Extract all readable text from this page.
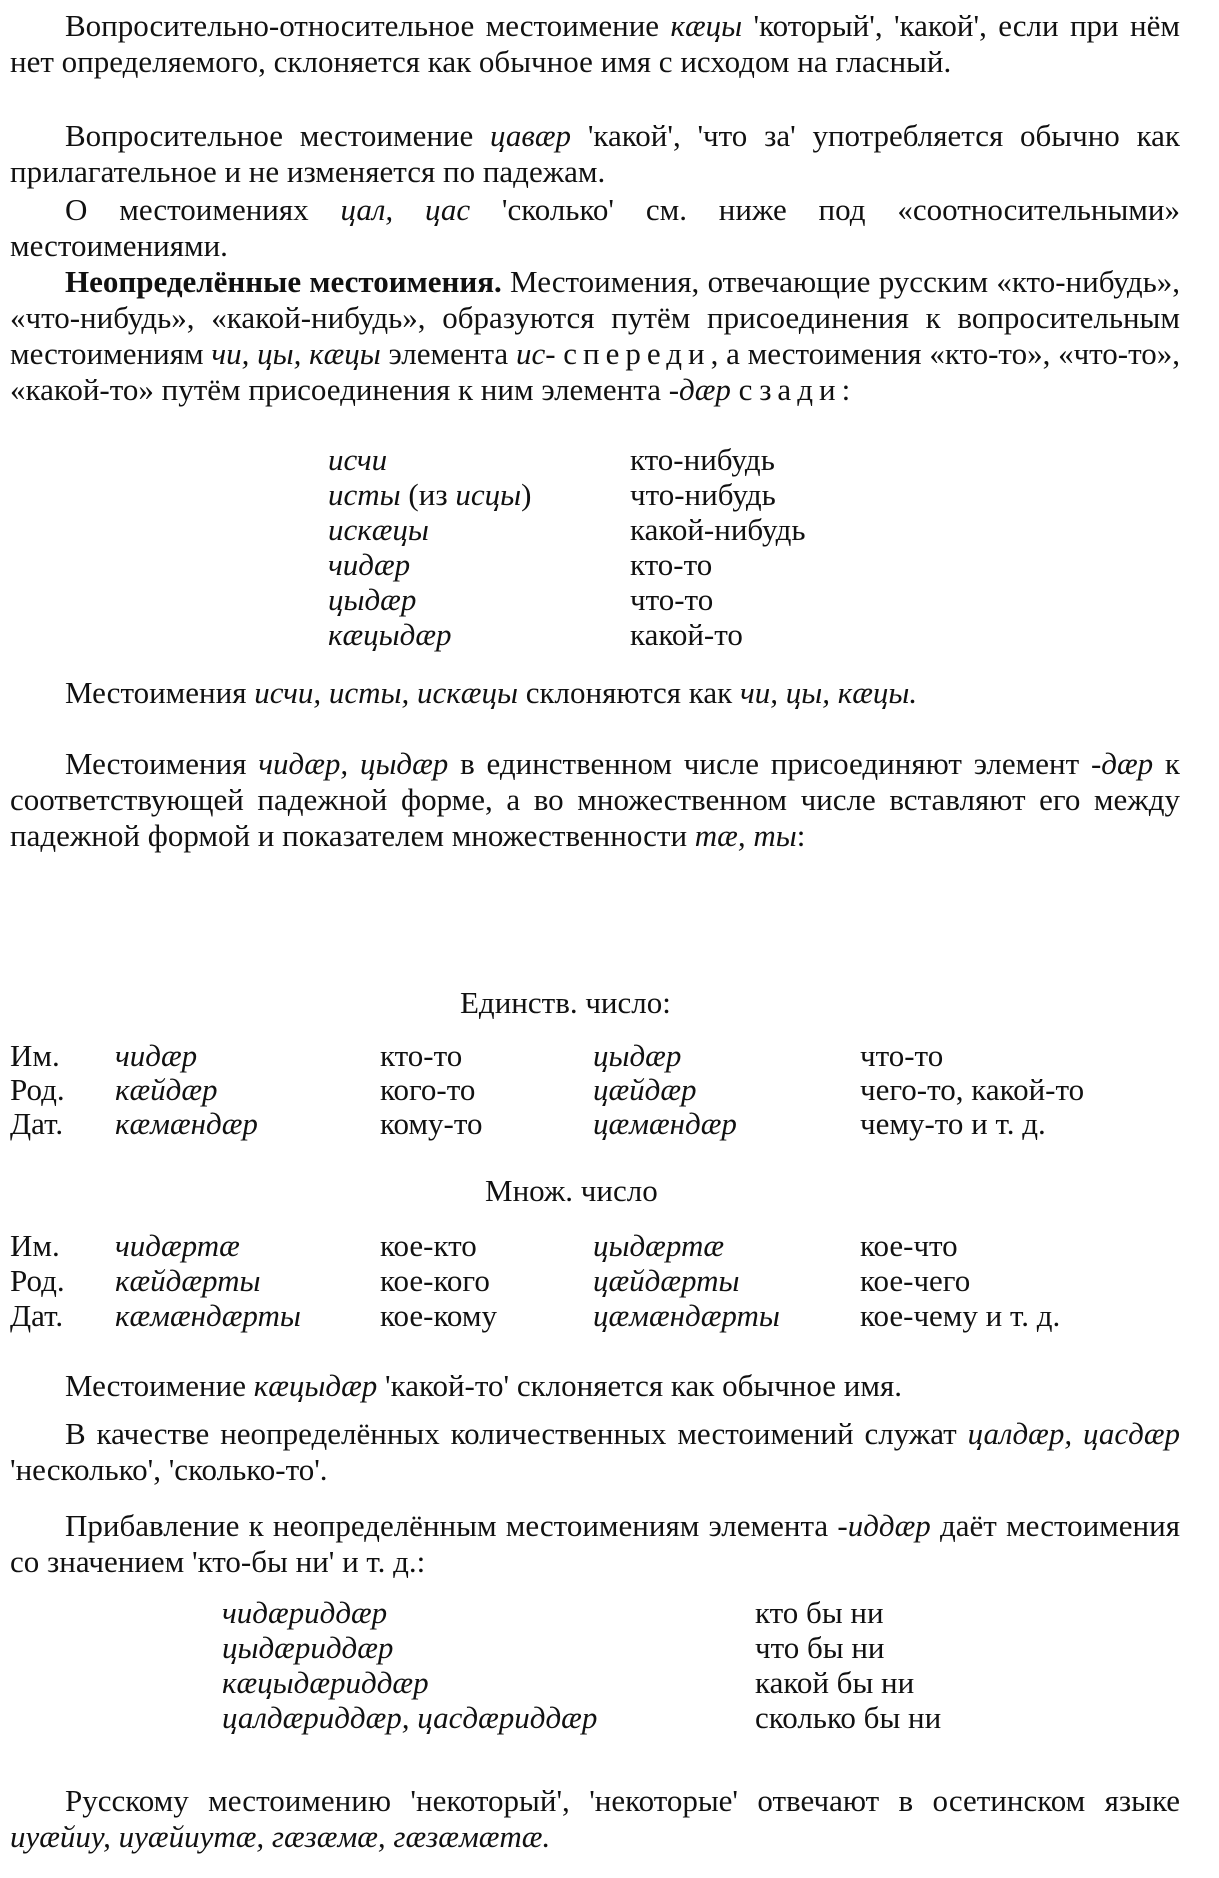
Вопросительно-относительное местоимение кæцы 'который', 'какой', если при нём нет определяемого, склоняется как обычное имя с исходом на гласный.

Вопросительное местоимение цавæр 'какой', 'что за' употребляется обычно как прилагательное и не изменяется по падежам.

О местоимениях цал, цас 'сколько' см. ниже под «соотносительными» местоимениями.

Неопределённые местоимения. Местоимения, отвечающие русским «кто-нибудь», «что-нибудь», «какой-нибудь», образуются путём присоединения к вопросительным местоимениям чи, цы, кæцы элемента ис- спереди, а местоимения «кто-то», «что-то», «какой-то» путём присоединения к ним элемента -дæр сзади:

исчи	кто-нибудь
исты (из исцы)	что-нибудь
искæцы	какой-нибудь
чидæр	кто-то
цыдæр	что-то
кæцыдæр	какой-то

Местоимения исчи, исты, искæцы склоняются как чи, цы, кæцы.

Местоимения чидæр, цыдæр в единственном числе присоединяют элемент -дæр к соответствующей падежной форме, а во множественном числе вставляют его между падежной формой и показателем множественности тæ, ты:

Единств. число:
Им. чидæр	кто-то	цыдæр	что-то
Род. кæйдæр	кого-то	цæйдæр	чего-то, какой-то
Дат. кæмæндæр	кому-то	цæмæндæр	чему-то и т. д.
Множ. число
Им. чидæртæ	кое-кто	цыдæртæ	кое-что
Род. кæйдæрты	кое-кого	цæйдæрты	кое-чего
Дат. кæмæндæрты	кое-кому	цæмæндæрты	кое-чему и т. д.

Местоимение кæцыдæр 'какой-то' склоняется как обычное имя.

В качестве неопределённых количественных местоимений служат цалдæр, цасдæр 'несколько', 'сколько-то'.

Прибавление к неопределённым местоимениям элемента -иддæр даёт местоимения со значением 'кто-бы ни' и т. д.:

чидæриддæр	кто бы ни
цыдæриддæр	что бы ни
кæцыдæриддæр	какой бы ни
цалдæриддæр, цасдæриддæр	сколько бы ни

Русскому местоимению 'некоторый', 'некоторые' отвечают в осетинском языке иуæйиу, иуæйиутæ, гæзæмæ, гæзæмæтæ.
